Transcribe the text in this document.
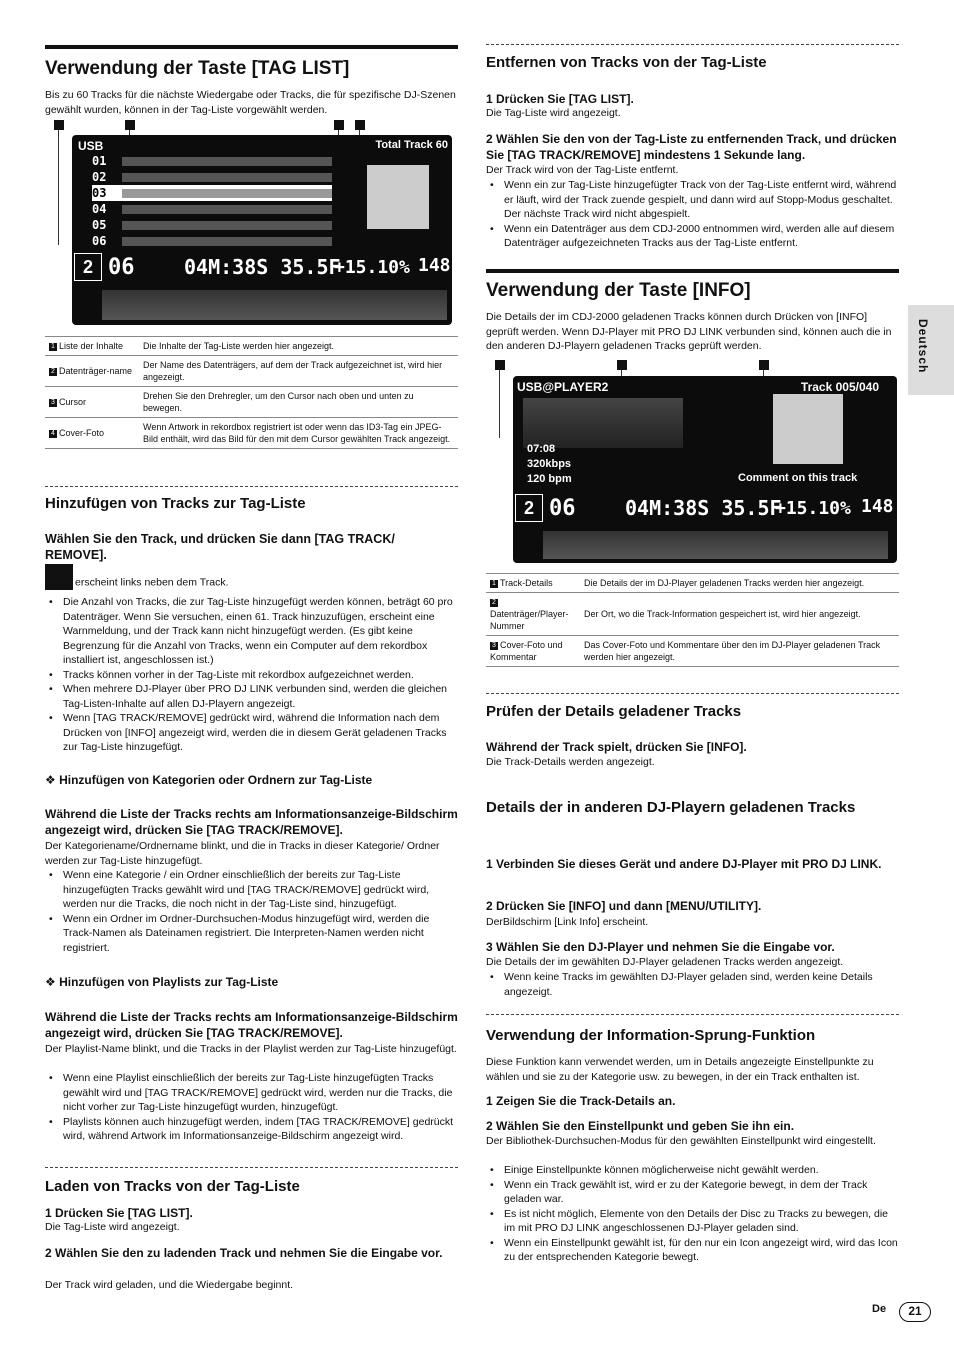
Verwendung der Taste [TAG LIST]

Bis zu 60 Tracks für die nächste Wiedergabe oder Tracks, die für spezifische DJ-Szenen gewählt wurden, können in der Tag-Liste vorgewählt werden.

USB	Total Track 60
01
02
03
04
05
06
2 06 04M:38S 35.5F
+15.10% 148
1 Liste der Inhalte	Die Inhalte der Tag-Liste werden hier angezeigt.
2 Datenträger-name	Der Name des Datenträgers, auf dem der Track aufgezeichnet ist, wird hier angezeigt.
3 Cursor	Drehen Sie den Drehregler, um den Cursor nach oben und unten zu bewegen.
4 Cover-Foto	Wenn Artwork in rekordbox registriert ist oder wenn das ID3-Tag ein JPEG-Bild enthält, wird das Bild für den mit dem Cursor gewählten Track angezeigt.
Hinzufügen von Tracks zur Tag-Liste

Wählen Sie den Track, und drücken Sie dann [TAG TRACK/ REMOVE].

erscheint links neben dem Track.

• Die Anzahl von Tracks, die zur Tag-Liste hinzugefügt werden können, beträgt 60 pro Datenträger. Wenn Sie versuchen, einen 61. Track hinzuzufügen, erscheint eine Warnmeldung, und der Track kann nicht hinzugefügt werden. (Es gibt keine Begrenzung für die Anzahl von Tracks, wenn ein Computer auf dem rekordbox installiert ist, angeschlossen ist.)
• Tracks können vorher in der Tag-Liste mit rekordbox aufgezeichnet werden.
• When mehrere DJ-Player über PRO DJ LINK verbunden sind, werden die gleichen Tag-Listen-Inhalte auf allen DJ-Playern angezeigt.
• Wenn [TAG TRACK/REMOVE] gedrückt wird, während die Information nach dem Drücken von [INFO] angezeigt wird, werden die in diesem Gerät geladenen Tracks zur Tag-Liste hinzugefügt.

❖ Hinzufügen von Kategorien oder Ordnern zur Tag-Liste

Während die Liste der Tracks rechts am Informationsanzeige-Bildschirm angezeigt wird, drücken Sie [TAG TRACK/REMOVE].

Der Kategoriename/Ordnername blinkt, und die in Tracks in dieser Kategorie/ Ordner werden zur Tag-Liste hinzugefügt.

• Wenn eine Kategorie / ein Ordner einschließlich der bereits zur Tag-Liste hinzugefügten Tracks gewählt wird und [TAG TRACK/REMOVE] gedrückt wird, werden nur die Tracks, die noch nicht in der Tag-Liste sind, hinzugefügt.
• Wenn ein Ordner im Ordner-Durchsuchen-Modus hinzugefügt wird, werden die Track-Namen als Dateinamen registriert. Die Interpreten-Namen werden nicht registriert.

❖ Hinzufügen von Playlists zur Tag-Liste

Während die Liste der Tracks rechts am Informationsanzeige-Bildschirm angezeigt wird, drücken Sie [TAG TRACK/REMOVE].

Der Playlist-Name blinkt, und die Tracks in der Playlist werden zur Tag-Liste hinzugefügt.

• Wenn eine Playlist einschließlich der bereits zur Tag-Liste hinzugefügten Tracks gewählt wird und [TAG TRACK/REMOVE] gedrückt wird, werden nur die Tracks, die nicht vorher zur Tag-Liste hinzugefügt wurden, hinzugefügt.
• Playlists können auch hinzugefügt werden, indem [TAG TRACK/REMOVE] gedrückt wird, während Artwork im Informationsanzeige-Bildschirm angezeigt wird.
Laden von Tracks von der Tag-Liste

1 Drücken Sie [TAG LIST].

Die Tag-Liste wird angezeigt.

2 Wählen Sie den zu ladenden Track und nehmen Sie die Eingabe vor.

Der Track wird geladen, und die Wiedergabe beginnt.

Entfernen von Tracks von der Tag-Liste

1 Drücken Sie [TAG LIST].

Die Tag-Liste wird angezeigt.

2 Wählen Sie den von der Tag-Liste zu entfernenden Track, und drücken Sie [TAG TRACK/REMOVE] mindestens 1 Sekunde lang.

Der Track wird von der Tag-Liste entfernt.

• Wenn ein zur Tag-Liste hinzugefügter Track von der Tag-Liste entfernt wird, während er läuft, wird der Track zuende gespielt, und dann wird auf Stopp-Modus geschaltet. Der nächste Track wird nicht abgespielt.
• Wenn ein Datenträger aus dem CDJ-2000 entnommen wird, werden alle auf diesem Datenträger aufgezeichneten Tracks aus der Tag-Liste entfernt.
Verwendung der Taste [INFO]

Die Details der im CDJ-2000 geladenen Tracks können durch Drücken von [INFO] geprüft werden. Wenn DJ-Player mit PRO DJ LINK verbunden sind, können auch die in den anderen DJ-Playern geladenen Tracks geprüft werden.

USB@PLAYER2	Track 005/040
07:08
320kbps
120 bpm	Comment on this track
2 06 04M:38S 35.5F
+15.10% 148
1 Track-Details	Die Details der im DJ-Player geladenen Tracks werden hier angezeigt.
2Datenträger/Player-Nummer	Der Ort, wo die Track-Information gespeichert ist, wird hier angezeigt.
3 Cover-Foto und Kommentar	Das Cover-Foto und Kommentare über den im DJ-Player geladenen Track werden hier angezeigt.
Prüfen der Details geladener Tracks

Während der Track spielt, drücken Sie [INFO].

Die Track-Details werden angezeigt.

Details der in anderen DJ-Playern geladenen Tracks

1 Verbinden Sie dieses Gerät und andere DJ-Player mit PRO DJ LINK.

2 Drücken Sie [INFO] und dann [MENU/UTILITY].

DerBildschirm [Link Info] erscheint.

3 Wählen Sie den DJ-Player und nehmen Sie die Eingabe vor.

Die Details der im gewählten DJ-Player geladenen Tracks werden angezeigt.

• Wenn keine Tracks im gewählten DJ-Player geladen sind, werden keine Details angezeigt.
Verwendung der Information-Sprung-Funktion

Diese Funktion kann verwendet werden, um in Details angezeigte Einstellpunkte zu wählen und sie zu der Kategorie usw. zu bewegen, in der ein Track enthalten ist.

1 Zeigen Sie die Track-Details an.

2 Wählen Sie den Einstellpunkt und geben Sie ihn ein.

Der Bibliothek-Durchsuchen-Modus für den gewählten Einstellpunkt wird eingestellt.

• Einige Einstellpunkte können möglicherweise nicht gewählt werden.
• Wenn ein Track gewählt ist, wird er zu der Kategorie bewegt, in dem der Track geladen war.
• Es ist nicht möglich, Elemente von den Details der Disc zu Tracks zu bewegen, die im mit PRO DJ LINK angeschlossenen DJ-Player geladen sind.
• Wenn ein Einstellpunkt gewählt ist, für den nur ein Icon angezeigt wird, wird das Icon zu der entsprechenden Kategorie bewegt.
Deutsch
De	21
